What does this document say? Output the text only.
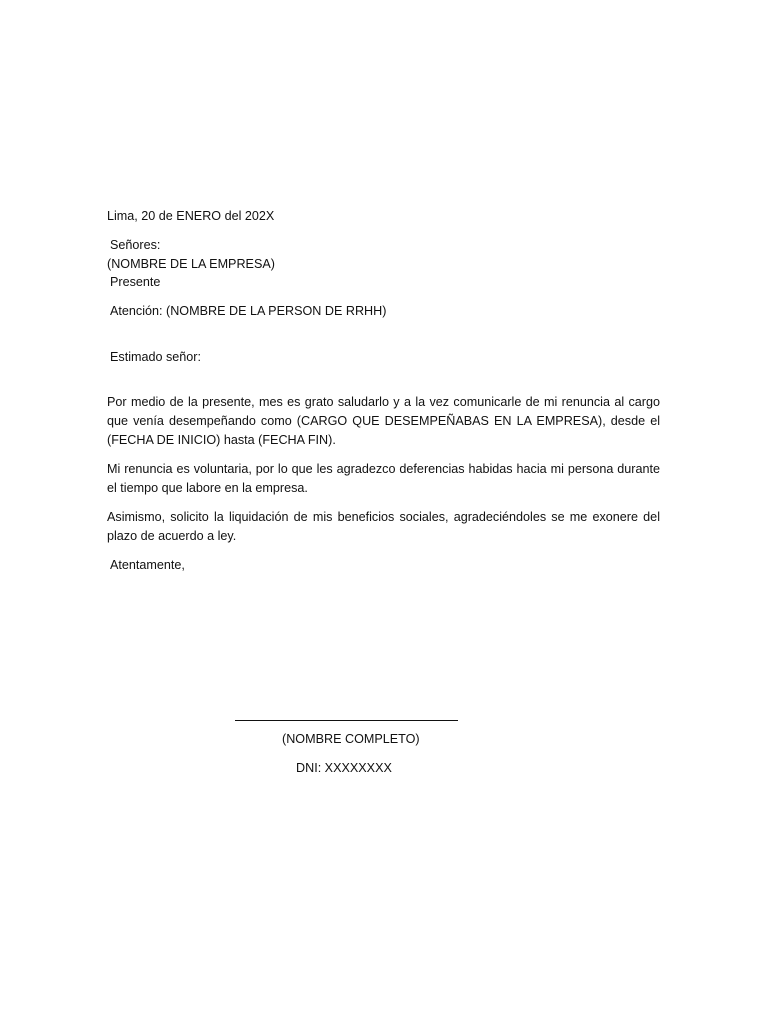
Lima, 20 de ENERO del 202X
Señores:
(NOMBRE DE LA EMPRESA)
Presente
Atención: (NOMBRE DE LA PERSON DE RRHH)
Estimado señor:
Por medio de la presente, mes es grato saludarlo y a la vez comunicarle de mi renuncia al cargo que venía desempeñando como (CARGO QUE DESEMPEÑABAS EN LA EMPRESA), desde el (FECHA DE INICIO) hasta (FECHA FIN).
Mi renuncia es voluntaria, por lo que les agradezco deferencias habidas hacia mi persona durante el tiempo que labore en la empresa.
Asimismo, solicito la liquidación de mis beneficios sociales, agradeciéndoles se me exonere del plazo de acuerdo a ley.
Atentamente,
(NOMBRE COMPLETO)
DNI: XXXXXXXX
